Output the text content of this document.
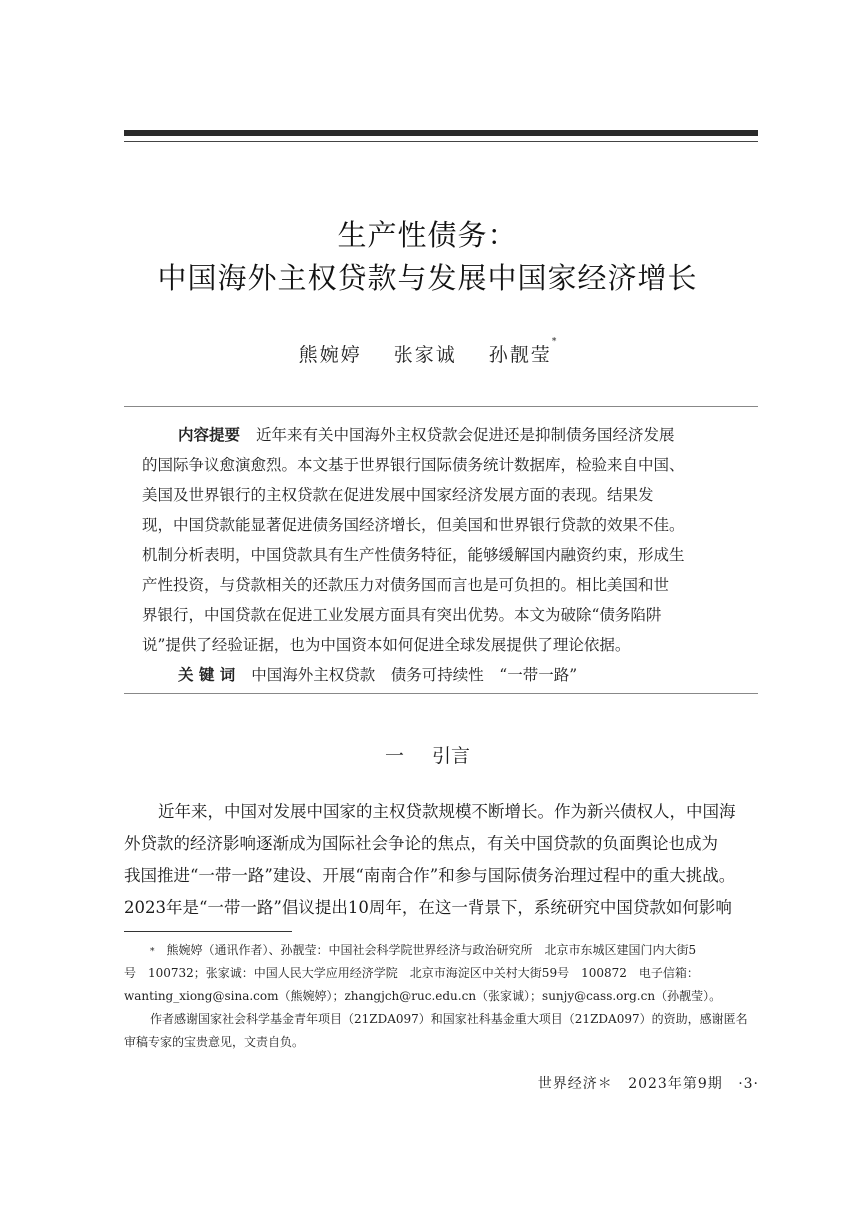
生产性债务：
中国海外主权贷款与发展中国家经济增长
熊婉婷 张家诚 孙靓莹*
内容提要 近年来有关中国海外主权贷款会促进还是抑制债务国经济发展
的国际争议愈演愈烈。本文基于世界银行国际债务统计数据库，检验来自中国、
美国及世界银行的主权贷款在促进发展中国家经济发展方面的表现。结果发
现，中国贷款能显著促进债务国经济增长，但美国和世界银行贷款的效果不佳。
机制分析表明，中国贷款具有生产性债务特征，能够缓解国内融资约束，形成生
产性投资，与贷款相关的还款压力对债务国而言也是可负担的。相比美国和世
界银行，中国贷款在促进工业发展方面具有突出优势。本文为破除“债务陷阱
说”提供了经验证据，也为中国资本如何促进全球发展提供了理论依据。
关 键 词 中国海外主权贷款　债务可持续性　“一带一路”
一 引言
近年来，中国对发展中国家的主权贷款规模不断增长。作为新兴债权人，中国海
外贷款的经济影响逐渐成为国际社会争论的焦点，有关中国贷款的负面舆论也成为
我国推进“一带一路”建设、开展“南南合作”和参与国际债务治理过程中的重大挑战。
2023年是“一带一路”倡议提出10周年，在这一背景下，系统研究中国贷款如何影响
* 熊婉婷（通讯作者）、孙靓莹：中国社会科学院世界经济与政治研究所　北京市东城区建国门内大街5
号　100732；张家诚：中国人民大学应用经济学院　北京市海淀区中关村大街59号　100872　电子信箱：
wanting_xiong@sina.com（熊婉婷）；zhangjch@ruc.edu.cn（张家诚）；sunjy@cass.org.cn（孙靓莹）。
作者感谢国家社会科学基金青年项目（21ZDA097）和国家社科基金重大项目（21ZDA097）的资助，感谢匿名
审稿专家的宝贵意见，文责自负。
世界经济＊ 2023年第9期 ·3·
